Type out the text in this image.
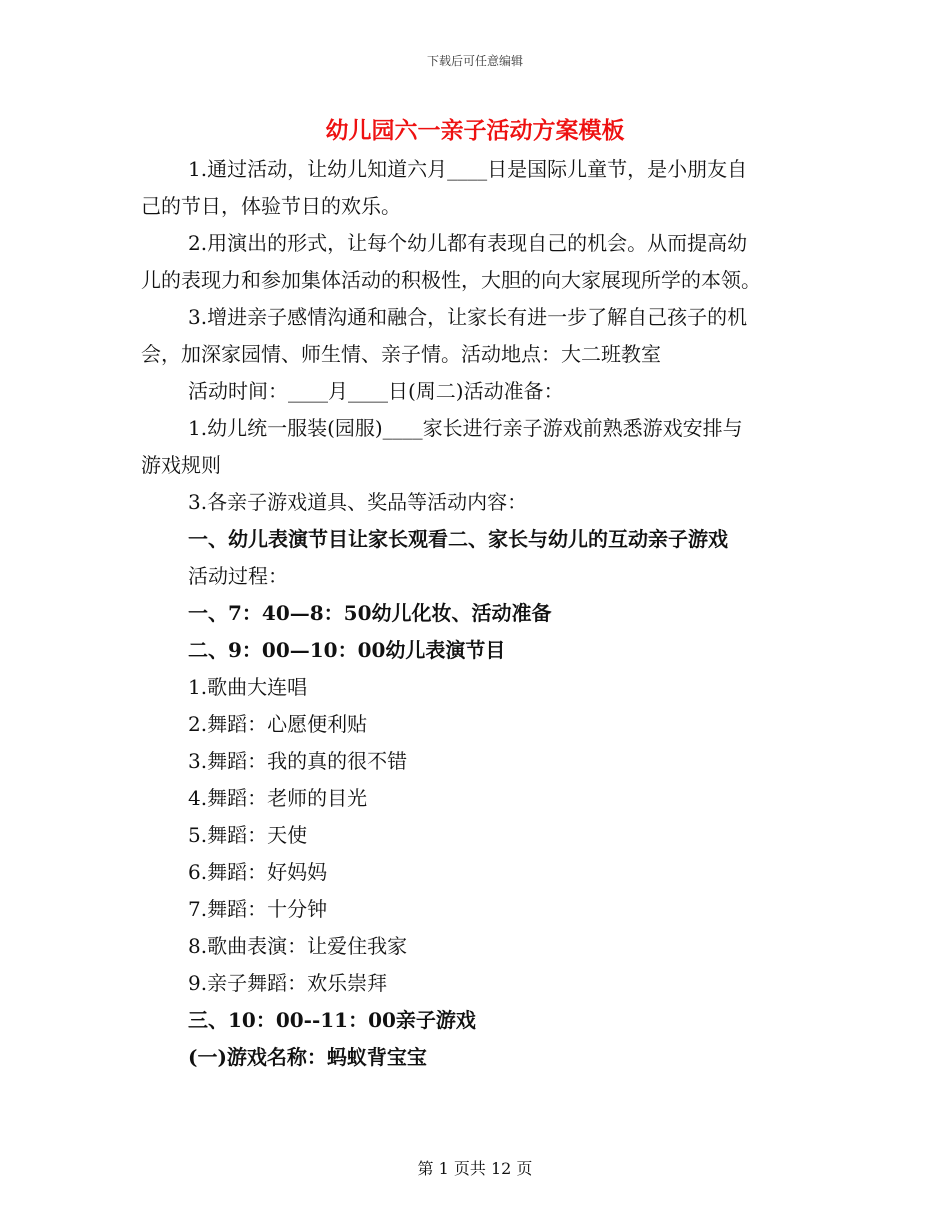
下载后可任意编辑
幼儿园六一亲子活动方案模板
1.通过活动，让幼儿知道六月____日是国际儿童节，是小朋友自
己的节日，体验节日的欢乐。
2.用演出的形式，让每个幼儿都有表现自己的机会。从而提高幼
儿的表现力和参加集体活动的积极性，大胆的向大家展现所学的本领。
3.增进亲子感情沟通和融合，让家长有进一步了解自己孩子的机
会，加深家园情、师生情、亲子情。活动地点：大二班教室
活动时间：____月____日(周二)活动准备：
1.幼儿统一服装(园服)____家长进行亲子游戏前熟悉游戏安排与
游戏规则
3.各亲子游戏道具、奖品等活动内容：
一、幼儿表演节目让家长观看二、家长与幼儿的互动亲子游戏
活动过程：
一、7：40—8：50幼儿化妆、活动准备
二、9：00—10：00幼儿表演节目
1.歌曲大连唱
2.舞蹈：心愿便利贴
3.舞蹈：我的真的很不错
4.舞蹈：老师的目光
5.舞蹈：天使
6.舞蹈：好妈妈
7.舞蹈：十分钟
8.歌曲表演：让爱住我家
9.亲子舞蹈：欢乐崇拜
三、10：00--11：00亲子游戏
(一)游戏名称：蚂蚁背宝宝
第 1 页共 12 页
